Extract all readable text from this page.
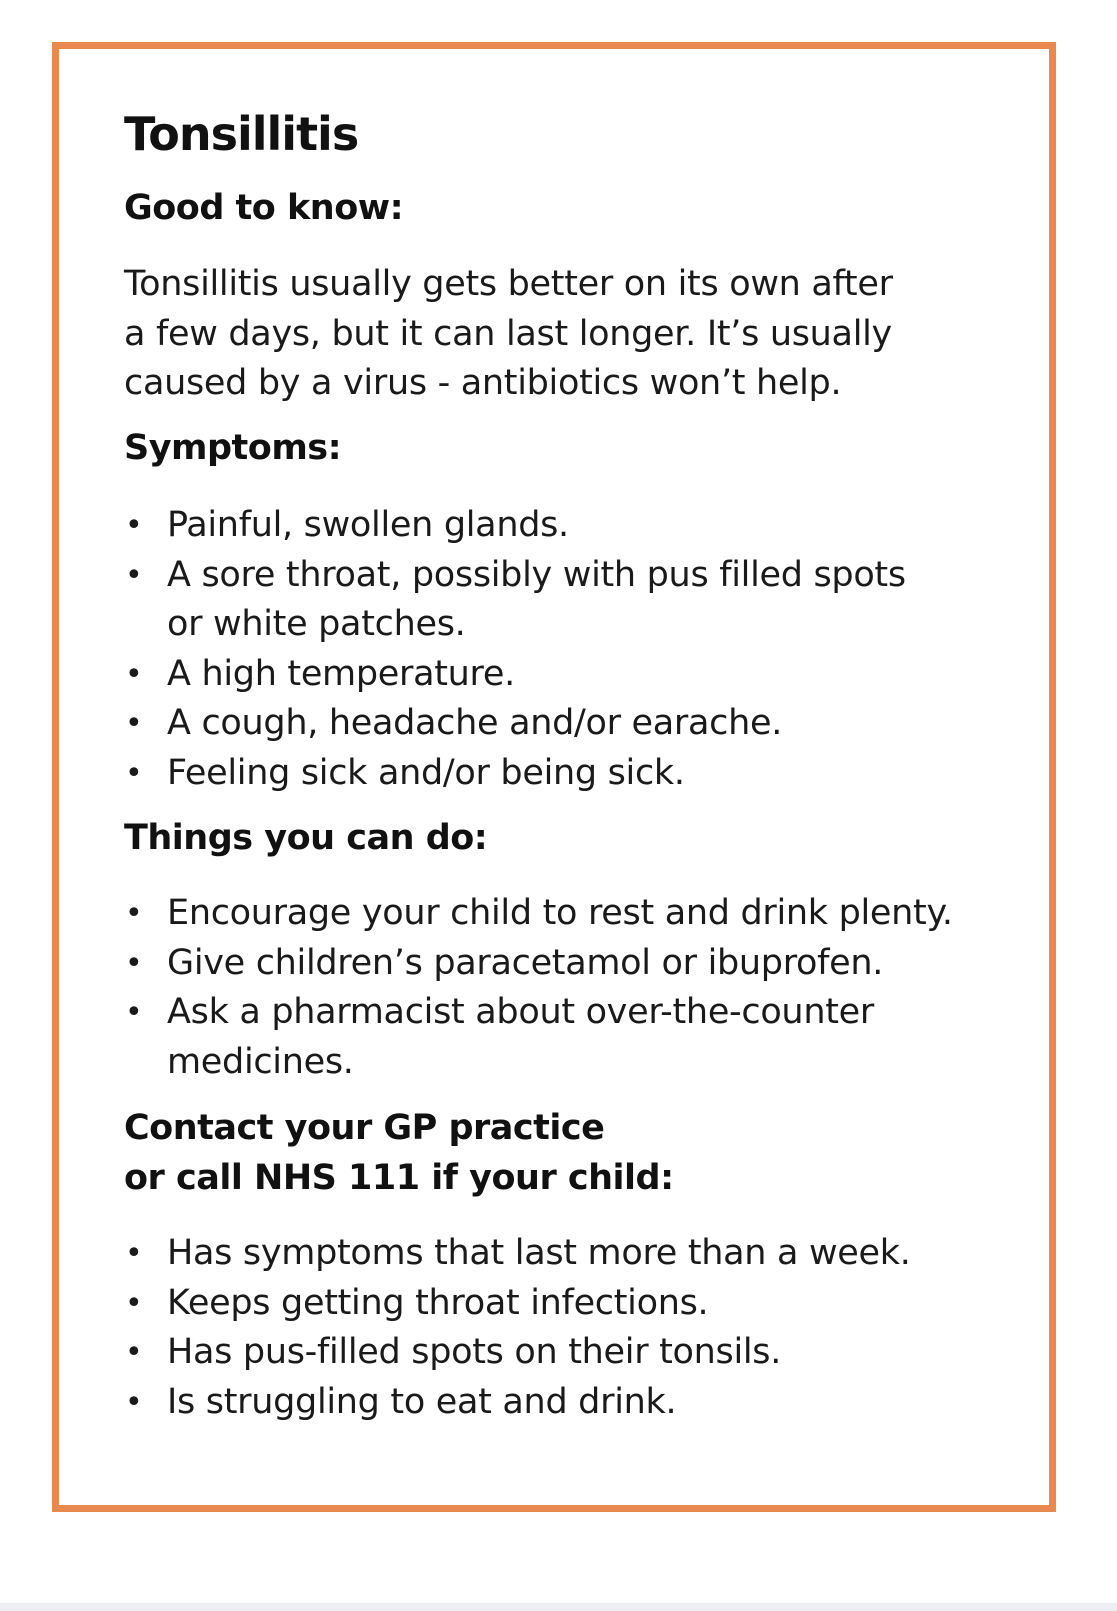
Tonsillitis
Good to know:

Tonsillitis usually gets better on its own after
a few days, but it can last longer. It’s usually
caused by a virus - antibiotics won’t help.

Symptoms:
• Painful, swollen glands.
• A sore throat, possibly with pus filled spots
or white patches.
• A high temperature.
• A cough, headache and/or earache.
• Feeling sick and/or being sick.
Things you can do:
• Encourage your child to rest and drink plenty.
• Give children’s paracetamol or ibuprofen.
• Ask a pharmacist about over-the-counter
medicines.
Contact your GP practice
or call NHS 111 if your child:
• Has symptoms that last more than a week.
• Keeps getting throat infections.
• Has pus-filled spots on their tonsils.
• Is struggling to eat and drink.
